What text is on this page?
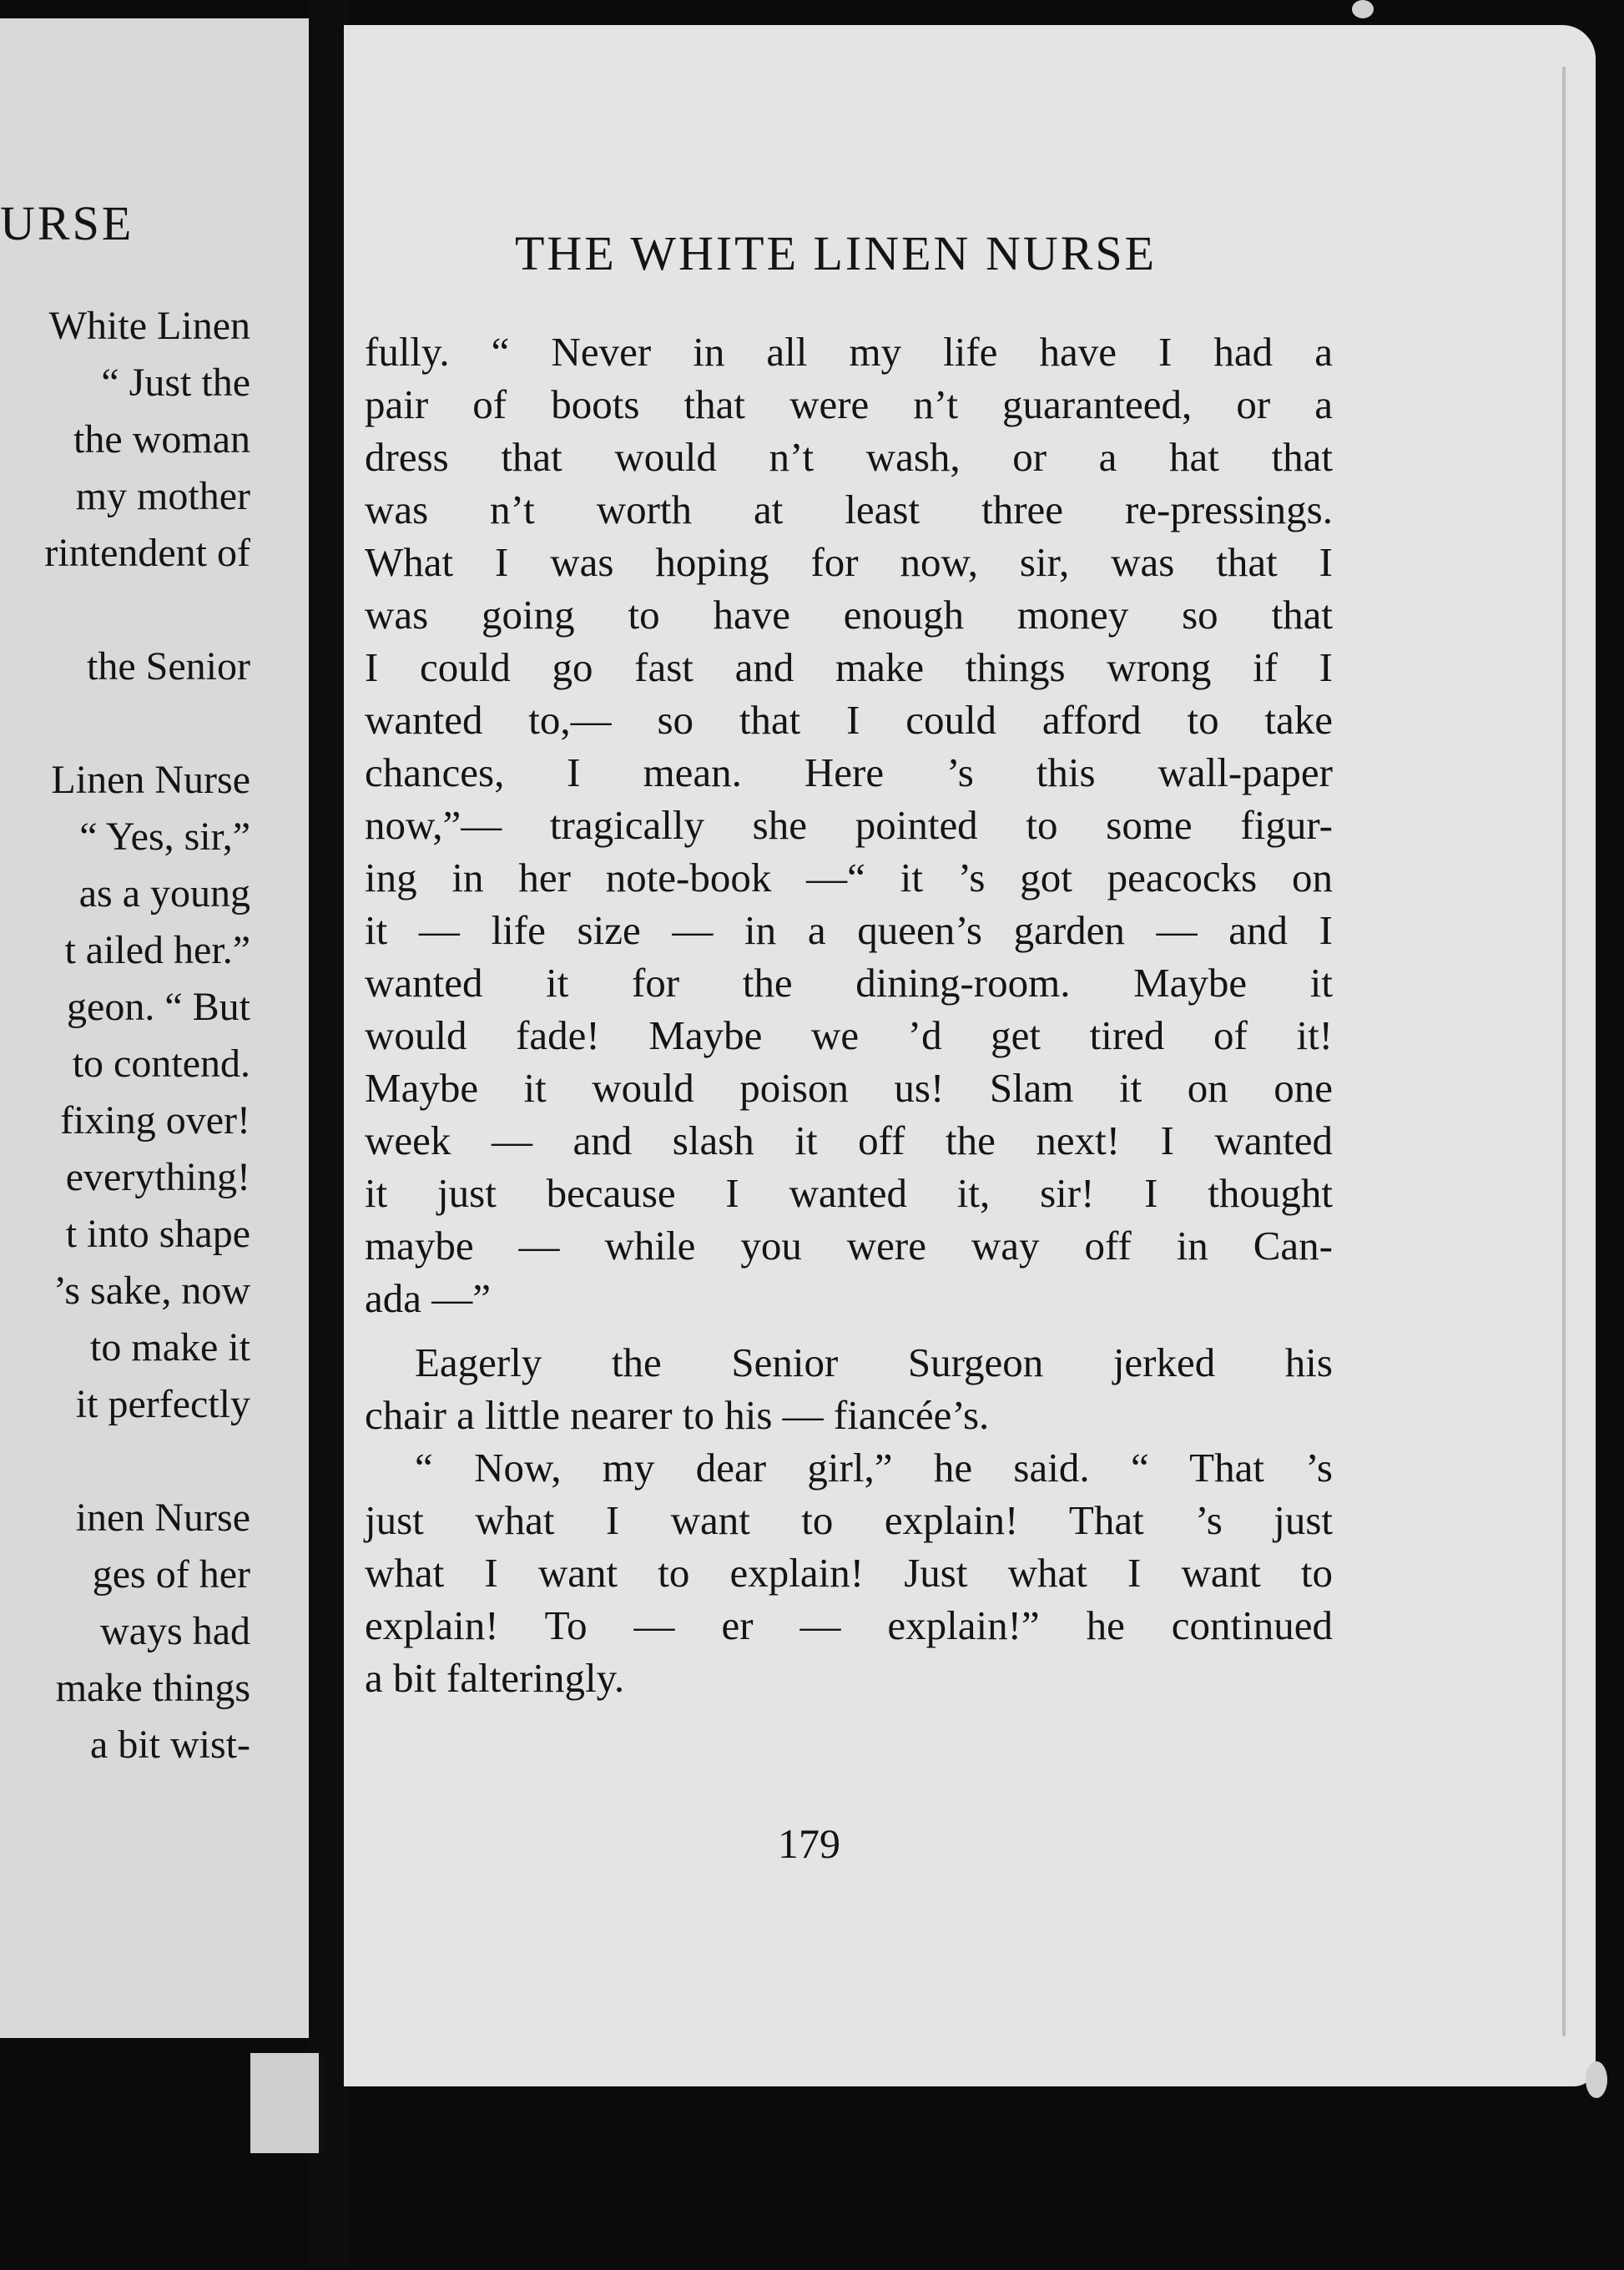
URSE
White Linen
“ Just the
the woman
my mother
rintendent of
the Senior
Linen Nurse
“ Yes, sir,”
as a young
t ailed her.”
geon. “ But
to contend.
fixing over!
everything!
t into shape
’s sake, now
to make it
it perfectly
inen Nurse
ges of her
ways had
make things
a bit wist-
THE WHITE LINEN NURSE
fully. “ Never in all my life have I had a
pair of boots that were n’t guaranteed, or a
dress that would n’t wash, or a hat that
was n’t worth at least three re-pressings.
What I was hoping for now, sir, was that I
was going to have enough money so that
I could go fast and make things wrong if I
wanted to,— so that I could afford to take
chances, I mean. Here ’s this wall-paper
now,”— tragically she pointed to some figur-
ing in her note-book —“ it ’s got peacocks on
it — life size — in a queen’s garden — and I
wanted it for the dining-room. Maybe it
would fade! Maybe we ’d get tired of it!
Maybe it would poison us! Slam it on one
week — and slash it off the next! I wanted
it just because I wanted it, sir! I thought
maybe — while you were way off in Can-
ada —”
Eagerly the Senior Surgeon jerked his
chair a little nearer to his — fiancée’s.
“ Now, my dear girl,” he said. “ That ’s
just what I want to explain! That ’s just
what I want to explain! Just what I want to
explain! To — er — explain!” he continued
a bit falteringly.
179
